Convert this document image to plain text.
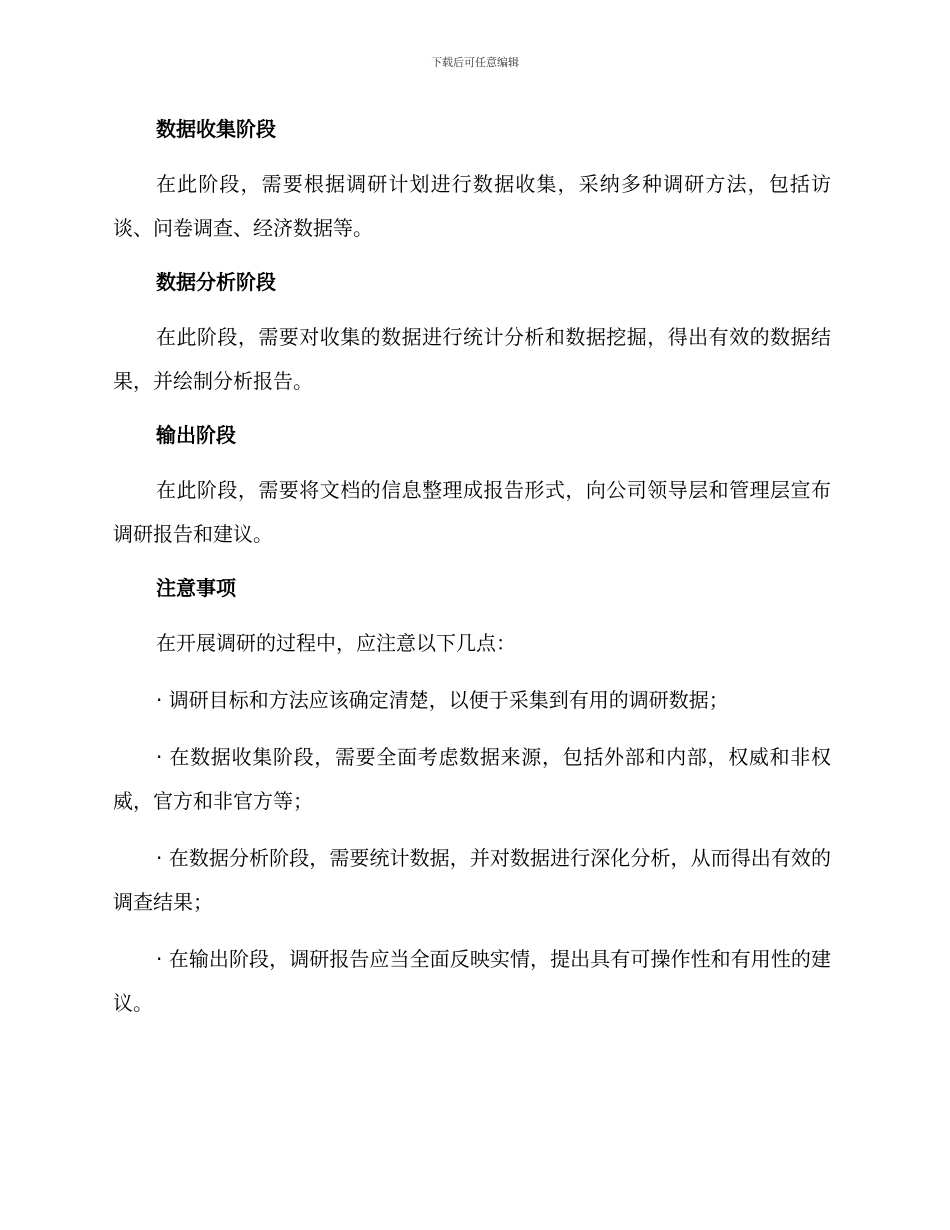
下载后可任意编辑
数据收集阶段
在此阶段，需要根据调研计划进行数据收集，采纳多种调研方法，包括访谈、问卷调查、经济数据等。
数据分析阶段
在此阶段，需要对收集的数据进行统计分析和数据挖掘，得出有效的数据结果，并绘制分析报告。
输出阶段
在此阶段，需要将文档的信息整理成报告形式，向公司领导层和管理层宣布调研报告和建议。
注意事项
在开展调研的过程中，应注意以下几点：
· 调研目标和方法应该确定清楚，以便于采集到有用的调研数据；
· 在数据收集阶段，需要全面考虑数据来源，包括外部和内部，权威和非权威，官方和非官方等；
· 在数据分析阶段，需要统计数据，并对数据进行深化分析，从而得出有效的调查结果；
· 在输出阶段，调研报告应当全面反映实情，提出具有可操作性和有用性的建议。
